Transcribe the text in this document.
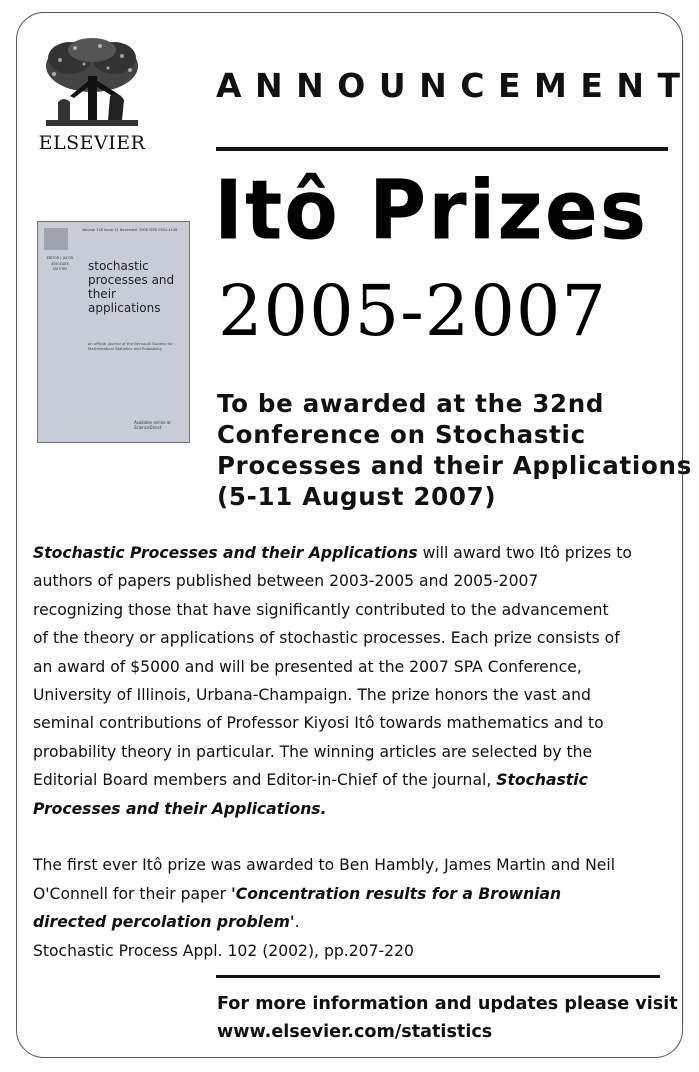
ELSEVIER
ANNOUNCEMENT
Itô Prizes
2005-2007
Volume 116 Issue 11 November 2006 ISSN 0304-4149
EDITOR J. JACOD ASSOCIATE EDITORS	stochastic processes and their applications
an official journal of the Bernoulli Society for Mathematical Statistics and Probability
Available online at ScienceDirect
To be awarded at the 32nd
Conference on Stochastic
Processes and their Applications
(5-11 August 2007)
Stochastic Processes and their Applications will award two Itô prizes to
authors of papers published between 2003-2005 and 2005-2007
recognizing those that have significantly contributed to the advancement
of the theory or applications of stochastic processes. Each prize consists of
an award of $5000 and will be presented at the 2007 SPA Conference,
University of Illinois, Urbana-Champaign. The prize honors the vast and
seminal contributions of Professor Kiyosi Itô towards mathematics and to
probability theory in particular. The winning articles are selected by the
Editorial Board members and Editor-in-Chief of the journal, Stochastic
Processes and their Applications.
The first ever Itô prize was awarded to Ben Hambly, James Martin and Neil
O'Connell for their paper 'Concentration results for a Brownian
directed percolation problem'.
Stochastic Process Appl. 102 (2002), pp.207-220
For more information and updates please visit
www.elsevier.com/statistics
